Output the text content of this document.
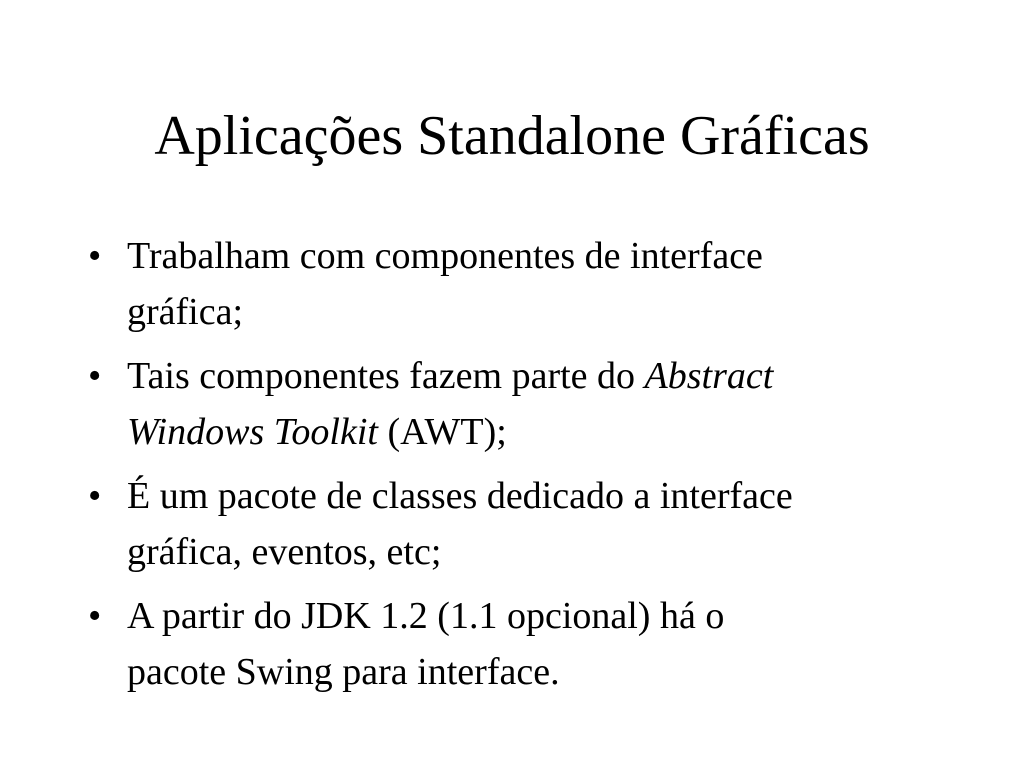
Aplicações Standalone Gráficas
• Trabalham com componentes de interface
gráfica;
• Tais componentes fazem parte do Abstract
Windows Toolkit (AWT);
• É um pacote de classes dedicado a interface
gráfica, eventos, etc;
• A partir do JDK 1.2 (1.1 opcional) há o
pacote Swing para interface.
